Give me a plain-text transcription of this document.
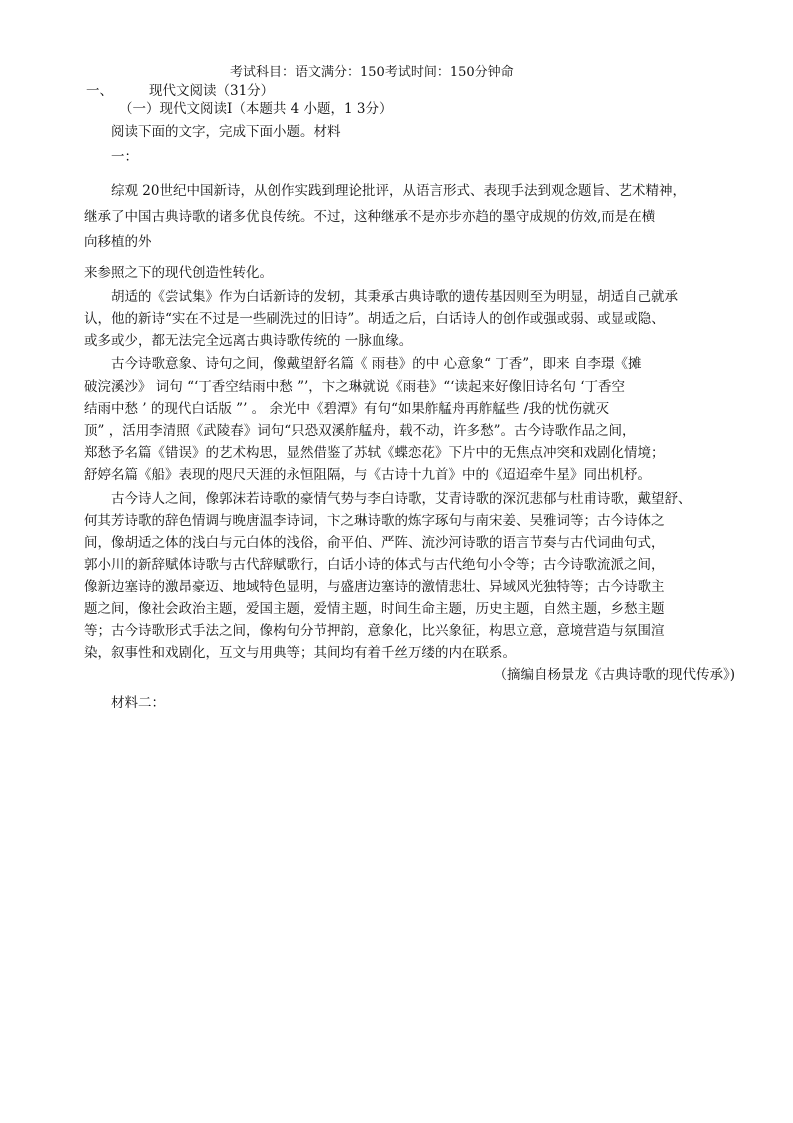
考试科目：语文满分：150考试时间：150分钟命
一、	现代文阅读（31分）
（一）现代文阅读Ⅰ（本题共 4 小题，1 3分）
阅读下面的文字，完成下面小题。材料
一：
综观 20世纪中国新诗，从创作实践到理论批评，从语言形式、表现手法到观念题旨、艺术精神，
继承了中国古典诗歌的诸多优良传统。不过，这种继承不是亦步亦趋的墨守成规的仿效,而是在横
向移植的外
来参照之下的现代创造性转化。
胡适的《尝试集》作为白话新诗的发轫，其秉承古典诗歌的遗传基因则至为明显，胡适自己就承
认，他的新诗“实在不过是一些刷洗过的旧诗”。胡适之后，白话诗人的创作或强或弱、或显或隐、
或多或少，都无法完全远离古典诗歌传统的 一脉血缘。
古今诗歌意象、诗句之间，像戴望舒名篇《 雨巷》的中 心意象“ 丁香”，即来 自李璟《摊
破浣溪沙》 词句 “‘丁香空结雨中愁 ”’，卞之琳就说《雨巷》“‘读起来好像旧诗名句 ‘丁香空
结雨中愁 ’ 的现代白话版 ”’ 。 余光中《碧潭》有句“如果舴艋舟再舴艋些 /我的忧伤就灭
顶” ，活用李清照《武陵春》词句“只恐双溪舴艋舟，载不动，许多愁”。古今诗歌作品之间，
郑愁予名篇《错误》的艺术构思，显然借鉴了苏轼《蝶恋花》下片中的无焦点冲突和戏剧化情境；
舒婷名篇《船》表现的咫尺天涯的永恒阻隔，与《古诗十九首》中的《迢迢牵牛星》同出机杼。
古今诗人之间，像郭沫若诗歌的豪情气势与李白诗歌，艾青诗歌的深沉悲郁与杜甫诗歌，戴望舒、
何其芳诗歌的辞色情调与晚唐温李诗词，卞之琳诗歌的炼字琢句与南宋姜、吴雅词等；古今诗体之
间，像胡适之体的浅白与元白体的浅俗，俞平伯、严阵、流沙河诗歌的语言节奏与古代词曲句式，
郭小川的新辞赋体诗歌与古代辞赋歌行，白话小诗的体式与古代绝句小令等；古今诗歌流派之间，
像新边塞诗的激昂豪迈、地域特色显明，与盛唐边塞诗的激情悲壮、异域风光独特等；古今诗歌主
题之间，像社会政治主题，爱国主题，爱情主题，时间生命主题，历史主题，自然主题，乡愁主题
等；古今诗歌形式手法之间，像构句分节押韵，意象化，比兴象征，构思立意，意境营造与氛围渲
染，叙事性和戏剧化，互文与用典等；其间均有着千丝万缕的内在联系。
（摘编自杨景龙《古典诗歌的现代传承》)
材料二：
